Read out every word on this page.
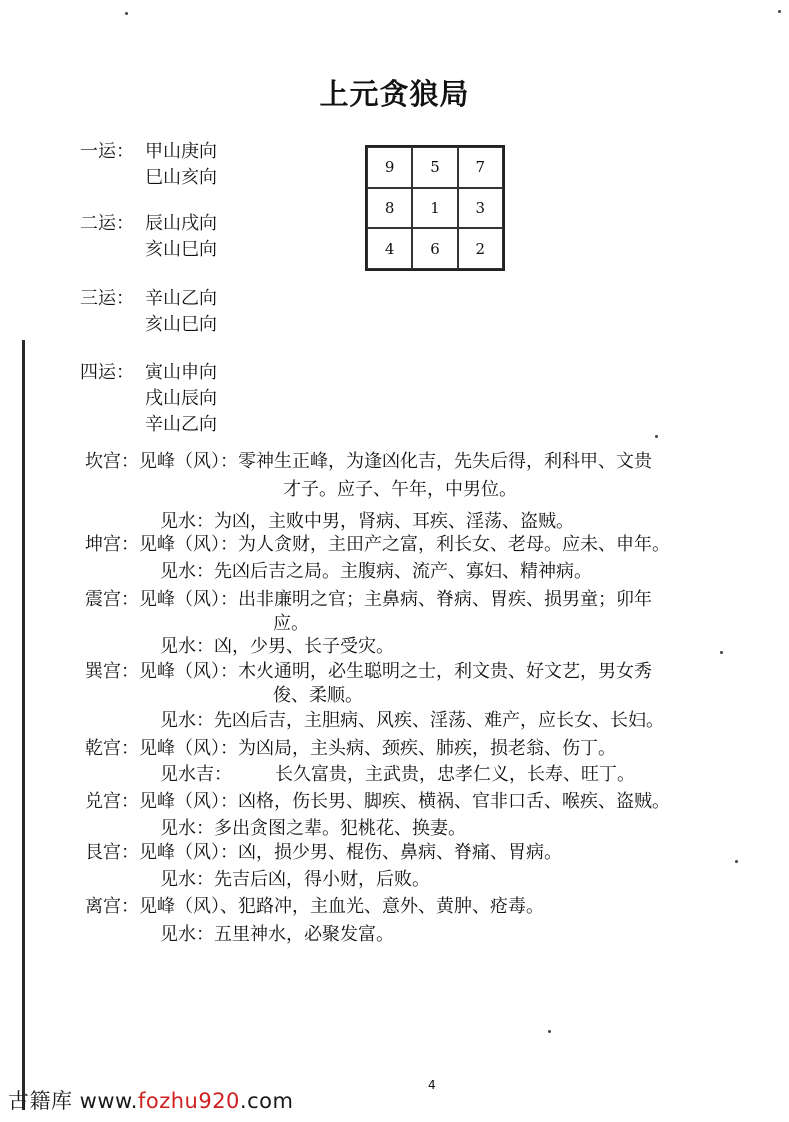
上元贪狼局
一运： 甲山庚向
巳山亥向
二运： 辰山戌向
亥山巳向
三运： 辛山乙向
亥山巳向
四运： 寅山申向
戌山辰向
辛山乙向
9	5	7
8	1	3
4	6	2
坎宫：见峰（风）：零神生正峰，为逢凶化吉，先失后得，利科甲、文贵
才子。应子、午年，中男位。
见水：为凶，主败中男，肾病、耳疾、淫荡、盗贼。
坤宫：见峰（风）：为人贪财，主田产之富，利长女、老母。应未、申年。
见水：先凶后吉之局。主腹病、流产、寡妇、精神病。
震宫：见峰（风）：出非廉明之官；主鼻病、脊病、胃疾、损男童；卯年
应。
见水：凶，少男、长子受灾。
巽宫：见峰（风）：木火通明，必生聪明之士，利文贵、好文艺，男女秀
俊、柔顺。
见水：先凶后吉，主胆病、风疾、淫荡、难产，应长女、长妇。
乾宫：见峰（风）：为凶局，主头病、颈疾、肺疾，损老翁、伤丁。
见水吉： 长久富贵，主武贵，忠孝仁义，长寿、旺丁。
兑宫：见峰（风）：凶格，伤长男、脚疾、横祸、官非口舌、喉疾、盗贼。
见水：多出贪图之辈。犯桃花、换妻。
艮宫：见峰（风）：凶，损少男、棍伤、鼻病、脊痛、胃病。
见水：先吉后凶，得小财，后败。
离宫：见峰（风）、犯路冲，主血光、意外、黄肿、疮毒。
见水：五里神水，必聚发富。
4
古籍库 www.fozhu920.com
